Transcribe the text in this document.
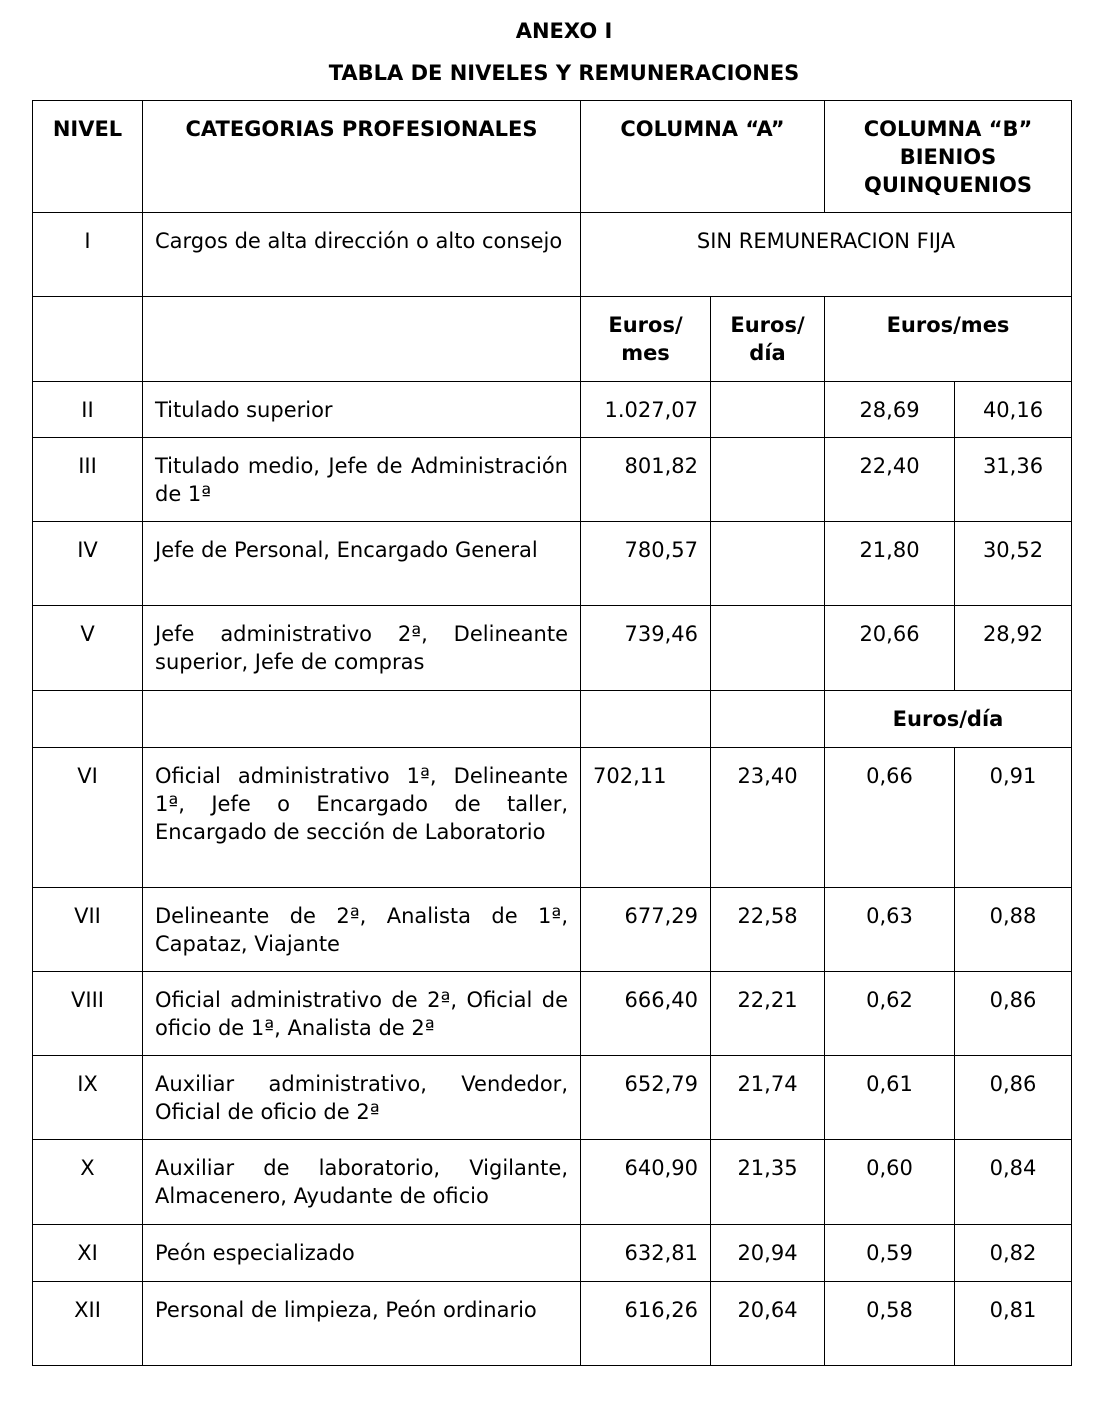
ANEXO I
TABLA DE NIVELES Y REMUNERACIONES
NIVEL	CATEGORIAS PROFESIONALES	COLUMNA “A”		COLUMNA “B”
BIENIOS
QUINQUENIOS	

I	Cargos de alta dirección o alto consejo	SIN REMUNERACION FIJA			
		Euros/ mes	Euros/ día	Euros/mes	
II	Titulado superior	1.027,07		28,69	40,16
III	Titulado medio, Jefe de Administración de 1ª	801,82		22,40	31,36
IV	Jefe de Personal, Encargado General	780,57		21,80	30,52
V	Jefe administrativo 2ª, Delineante superior, Jefe de compras	739,46		20,66	28,92
				Euros/día	
VI	Oficial administrativo 1ª, Delineante 1ª, Jefe o Encargado de taller, Encargado de sección de Laboratorio	702,11	23,40	0,66	0,91
VII	Delineante de 2ª, Analista de 1ª, Capataz, Viajante	677,29	22,58	0,63	0,88
VIII	Oficial administrativo de 2ª, Oficial de oficio de 1ª, Analista de 2ª	666,40	22,21	0,62	0,86
IX	Auxiliar administrativo, Vendedor, Oficial de oficio de 2ª	652,79	21,74	0,61	0,86
X	Auxiliar de laboratorio, Vigilante, Almacenero, Ayudante de oficio	640,90	21,35	0,60	0,84
XI	Peón especializado	632,81	20,94	0,59	0,82
XII	Personal de limpieza, Peón ordinario	616,26	20,64	0,58	0,81
